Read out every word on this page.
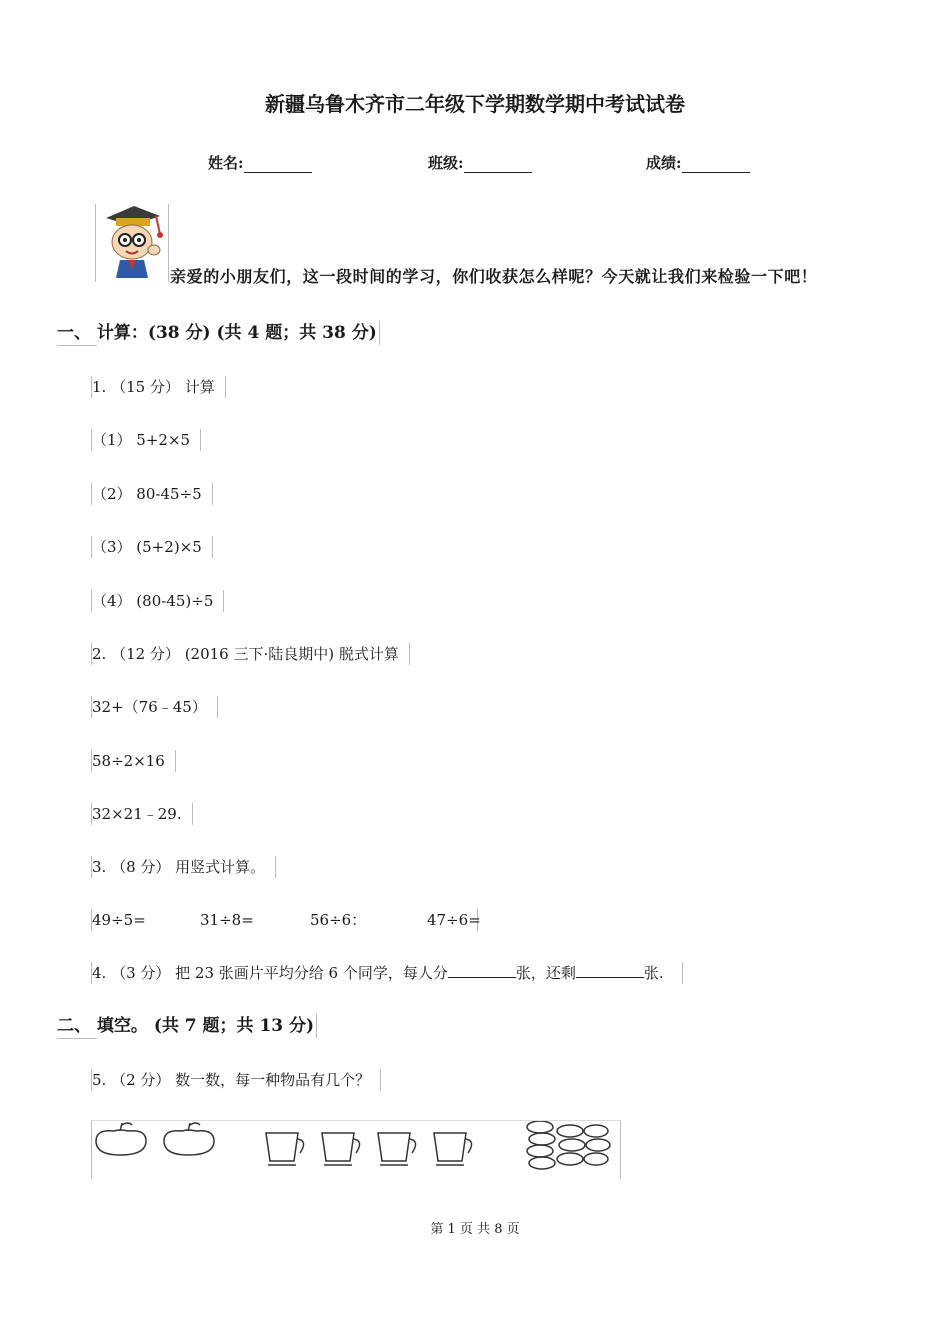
新疆乌鲁木齐市二年级下学期数学期中考试试卷
姓名:	班级:	成绩:
亲爱的小朋友们，这一段时间的学习，你们收获怎么样呢？今天就让我们来检验一下吧！
一、 计算：(38 分) (共 4 题；共 38 分)
1. （15 分） 计算
（1） 5+2×5
（2） 80-45÷5
（3） (5+2)×5
（4） (80-45)÷5
2. （12 分） (2016 三下·陆良期中) 脱式计算
32+（76﹣45）
58÷2×16
32×21﹣29.
3. （8 分） 用竖式计算。
49÷5=	31÷8=	56÷6：	47÷6=
4. （3 分） 把 23 张画片平均分给 6 个同学，每人分	张，还剩	张.
二、 填空。 (共 7 题；共 13 分)
5. （2 分） 数一数，每一种物品有几个？
第 1 页 共 8 页
